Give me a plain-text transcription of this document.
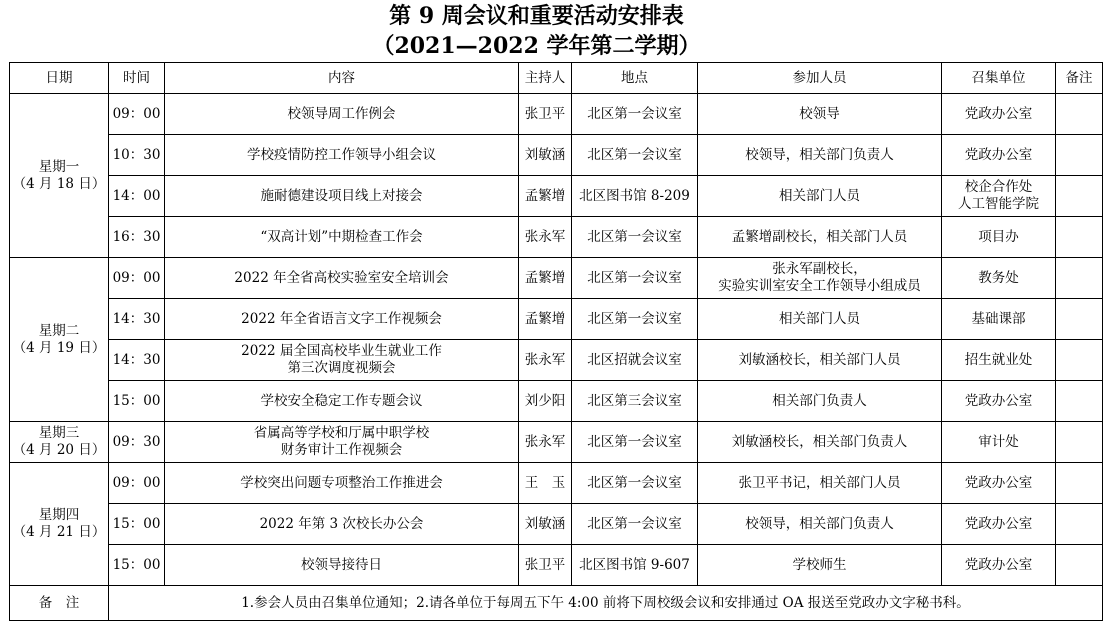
第 9 周会议和重要活动安排表
（2021—2022 学年第二学期）
日期	时间	内容	主持人	地点	参加人员	召集单位	备注

星期一
（4 月 18 日）	09：00	校领导周工作例会	张卫平	北区第一会议室	校领导	党政办公室	

	10：30	学校疫情防控工作领导小组会议	刘敏涵	北区第一会议室	校领导，相关部门负责人	党政办公室	

	14：00	施耐德建设项目线上对接会	孟繁增	北区图书馆 8-209	相关部门人员	校企合作处
人工智能学院	

	16：30	“双高计划”中期检查工作会	张永军	北区第一会议室	孟繁增副校长，相关部门人员	项目办	

星期二
（4 月 19 日）	09：00	2022 年全省高校实验室安全培训会	孟繁增	北区第一会议室	张永军副校长，
实验实训室安全工作领导小组成员	教务处	

	14：30	2022 年全省语言文字工作视频会	孟繁增	北区第一会议室	相关部门人员	基础课部	

	14：30	2022 届全国高校毕业生就业工作
第三次调度视频会	张永军	北区招就会议室	刘敏涵校长，相关部门人员	招生就业处	

	15：00	学校安全稳定工作专题会议	刘少阳	北区第三会议室	相关部门负责人	党政办公室	

星期三
（4 月 20 日）	09：30	省属高等学校和厅属中职学校
财务审计工作视频会	张永军	北区第一会议室	刘敏涵校长，相关部门负责人	审计处	

星期四
（4 月 21 日）	09：00	学校突出问题专项整治工作推进会	王　玉	北区第一会议室	张卫平书记，相关部门人员	党政办公室	

	15：00	2022 年第 3 次校长办公会	刘敏涵	北区第一会议室	校领导，相关部门负责人	党政办公室	

	15：00	校领导接待日	张卫平	北区图书馆 9-607	学校师生	党政办公室	

备　注	1.参会人员由召集单位通知；2.请各单位于每周五下午 4:00 前将下周校级会议和安排通过 OA 报送至党政办文字秘书科。						
